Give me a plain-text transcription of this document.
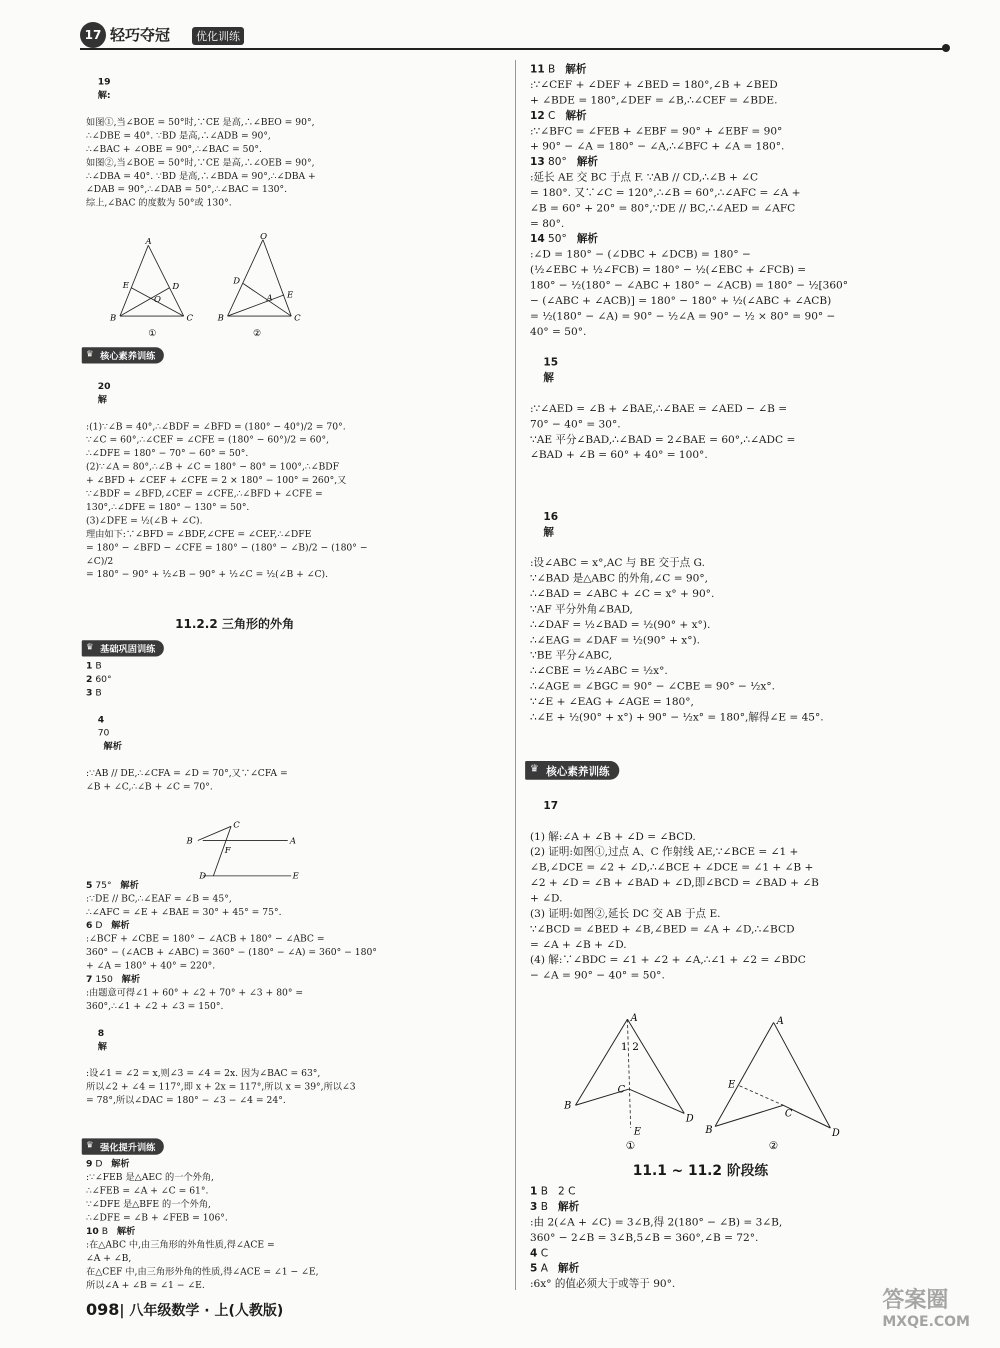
17 轻巧夺冠	优化训练

19
解:

如图①,当∠BOE = 50°时,∵CE 是高,∴∠BEO = 90°,
∴∠DBE = 40°. ∵BD 是高,∴∠ADB = 90°,
∴∠BAC + ∠OBE = 90°,∴∠BAC = 50°.
如图②,当∠BOE = 50°时,∵CE 是高,∴∠OEB = 90°,
∴∠DBA = 40°. ∵BD 是高,∴∠BDA = 90°,∴∠DBA +
∠DAB = 90°,∴∠DAB = 50°,∴∠BAC = 130°.
综上,∠BAC 的度数为 50°或 130°.

A
B	C
D
E
O
①
O
B	C
D
E
A
②
♛ 核心素养训练

20
解

:(1)∵∠B = 40°,∴∠BDF = ∠BFD = (180° − 40°)/2 = 70°.
∵∠C = 60°,∴∠CEF = ∠CFE = (180° − 60°)/2 = 60°,
∴∠DFE = 180° − 70° − 60° = 50°.
(2)∵∠A = 80°,∴∠B + ∠C = 180° − 80° = 100°,∴∠BDF
+ ∠BFD + ∠CEF + ∠CFE = 2 × 180° − 100° = 260°,又
∵∠BDF = ∠BFD,∠CEF = ∠CFE,∴∠BFD + ∠CFE =
130°,∴∠DFE = 180° − 130° = 50°.
(3)∠DFE = ½(∠B + ∠C).
理由如下:∵∠BFD = ∠BDF,∠CFE = ∠CEF,∴∠DFE
= 180° − ∠BFD − ∠CFE = 180° − (180° − ∠B)/2 − (180° − ∠C)/2
= 180° − 90° + ½∠B − 90° + ½∠C = ½(∠B + ∠C).

11.2.2 三角形的外角
♛ 基础巩固训练
1 B
2 60°
3 B

4
70
解析

:∵AB // DE,∴∠CFA = ∠D = 70°,又∵∠CFA =
∠B + ∠C,∴∠B + ∠C = 70°.

B
C
A
F
D	E
5 75° 解析
:∵DE // BC,∴∠EAF = ∠B = 45°,
∴∠AFC = ∠E + ∠BAE = 30° + 45° = 75°.
6 D 解析
:∠BCF + ∠CBE = 180° − ∠ACB + 180° − ∠ABC =
360° − (∠ACB + ∠ABC) = 360° − (180° − ∠A) = 360° − 180°
+ ∠A = 180° + 40° = 220°.
7 150 解析
:由题意可得∠1 + 60° + ∠2 + 70° + ∠3 + 80° =
360°,∴∠1 + ∠2 + ∠3 = 150°.

8
解

:设∠1 = ∠2 = x,则∠3 = ∠4 = 2x. 因为∠BAC = 63°,
所以∠2 + ∠4 = 117°,即 x + 2x = 117°,所以 x = 39°,所以∠3
= 78°,所以∠DAC = 180° − ∠3 − ∠4 = 24°.

♛ 强化提升训练
9 D 解析
:∵∠FEB 是△AEC 的一个外角,
∴∠FEB = ∠A + ∠C = 61°.
∵∠DFE 是△BFE 的一个外角,
∴∠DFE = ∠B + ∠FEB = 106°.
10 B 解析
:在△ABC 中,由三角形的外角性质,得∠ACE =
∠A + ∠B,
在△CEF 中,由三角形外角的性质,得∠ACE = ∠1 − ∠E,
所以∠A + ∠B = ∠1 − ∠E.
11 B 解析
:∵∠CEF + ∠DEF + ∠BED = 180°,∠B + ∠BED
+ ∠BDE = 180°,∠DEF = ∠B,∴∠CEF = ∠BDE.
12 C 解析
:∵∠BFC = ∠FEB + ∠EBF = 90° + ∠EBF = 90°
+ 90° − ∠A = 180° − ∠A,∴∠BFC + ∠A = 180°.
13 80° 解析
:延长 AE 交 BC 于点 F. ∵AB // CD,∴∠B + ∠C
= 180°. 又∵∠C = 120°,∴∠B = 60°,∴∠AFC = ∠A +
∠B = 60° + 20° = 80°,∵DE // BC,∴∠AED = ∠AFC
= 80°.
14 50° 解析
:∠D = 180° − (∠DBC + ∠DCB) = 180° −
(½∠EBC + ½∠FCB) = 180° − ½(∠EBC + ∠FCB) =
180° − ½(180° − ∠ABC + 180° − ∠ACB) = 180° − ½[360°
− (∠ABC + ∠ACB)] = 180° − 180° + ½(∠ABC + ∠ACB)
= ½(180° − ∠A) = 90° − ½∠A = 90° − ½ × 80° = 90° −
40° = 50°.

15
解

:∵∠AED = ∠B + ∠BAE,∴∠BAE = ∠AED − ∠B =
70° − 40° = 30°.
∵AE 平分∠BAD,∴∠BAD = 2∠BAE = 60°,∴∠ADC =
∠BAD + ∠B = 60° + 40° = 100°.

16
解

:设∠ABC = x°,AC 与 BE 交于点 G.
∵∠BAD 是△ABC 的外角,∠C = 90°,
∴∠BAD = ∠ABC + ∠C = x° + 90°.
∵AF 平分外角∠BAD,
∴∠DAF = ½∠BAD = ½(90° + x°).
∴∠EAG = ∠DAF = ½(90° + x°).
∵BE 平分∠ABC,
∴∠CBE = ½∠ABC = ½x°.
∴∠AGE = ∠BGC = 90° − ∠CBE = 90° − ½x°.
∵∠E + ∠EAG + ∠AGE = 180°,
∴∠E + ½(90° + x°) + 90° − ½x° = 180°,解得∠E = 45°.

♛ 核心素养训练

17

(1) 解:∠A + ∠B + ∠D = ∠BCD.
(2) 证明:如图①,过点 A、C 作射线 AE,∵∠BCE = ∠1 +
∠B,∠DCE = ∠2 + ∠D,∴∠BCE + ∠DCE = ∠1 + ∠B +
∠2 + ∠D = ∠B + ∠BAD + ∠D,即∠BCD = ∠BAD + ∠B
+ ∠D.
(3) 证明:如图②,延长 DC 交 AB 于点 E.
∵∠BCD = ∠BED + ∠B,∠BED = ∠A + ∠D,∴∠BCD
= ∠A + ∠B + ∠D.
(4) 解:∵∠BDC = ∠1 + ∠2 + ∠A,∴∠1 + ∠2 = ∠BDC
− ∠A = 90° − 40° = 50°.

A
B
C
D
E
1 2
①
A
B
C
D
E
②
11.1 ~ 11.2 阶段练
1 B 2 C
3 B 解析
:由 2(∠A + ∠C) = 3∠B,得 2(180° − ∠B) = 3∠B,
360° − 2∠B = 3∠B,5∠B = 360°,∠B = 72°.
4 C
5 A 解析
:6x° 的值必须大于或等于 90°.
098| 八年级数学 · 上(人教版)	答案圈
MXQE.COM
